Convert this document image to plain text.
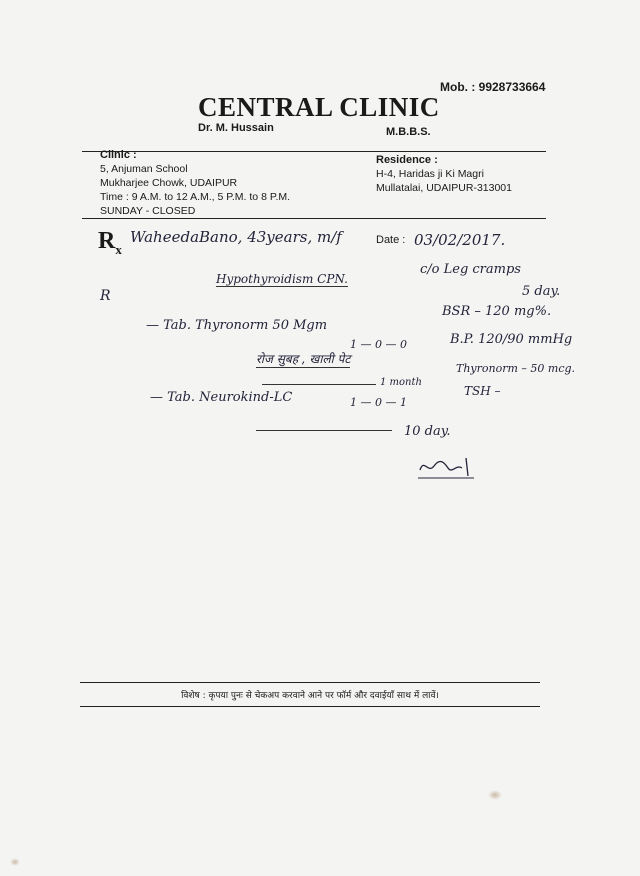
Mob. : 9928733664
CENTRAL CLINIC
Dr. M. Hussain	M.B.B.S.
Clinic :
5, Anjuman School
Mukharjee Chowk, UDAIPUR
Time : 9 A.M. to 12 A.M., 5 P.M. to 8 P.M.
SUNDAY - CLOSED
Residence :
H-4, Haridas ji Ki Magri
Mullatalai, UDAIPUR-313001
$R_x$
WaheedaBano, 43years, m/f	Date : 03/02/2017.
Hypothyroidism CPN.
c/o Leg cramps
5 day.
R
— Tab. Thyronorm 50 Mgm
1 — 0 — 0
रोज सुबह , खाली पेट
1 month
BSR – 120 mg%.
B.P. 120/90 mmHg
Thyronorm – 50 mcg.
TSH –
— Tab. Neurokind-LC	1 — 0 — 1
10 day.
विशेष : कृपया पुनः से चेकअप करवाने आने पर फॉर्म और दवाईयाँ साथ में लावें।
